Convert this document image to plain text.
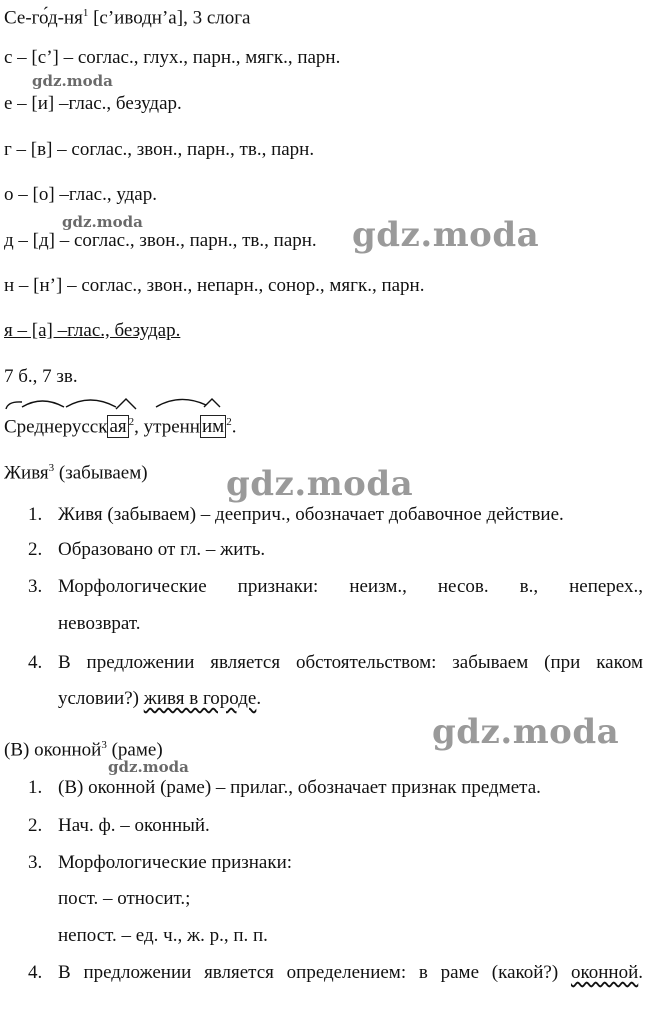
$Се-го́д-ня^1$ [с’иводн’а], 3 слога
с – [с’] – соглас., глух., парн., мягк., парн.
е – [и] –глас., безудар.
г – [в] – соглас., звон., парн., тв., парн.
о – [о] –глас., удар.
д – [д] – соглас., звон., парн., тв., парн.
н – [н’] – соглас., звон., непарн., сонор., мягк., парн.
я – [а] –глас., безудар.
7 б., 7 зв.
Среднерусск ая $^2$, утренн им $^2$.
Живя$^3$ (забываем)
1. Живя (забываем) – дееприч., обозначает добавочное действие.
2. Образовано от гл. – жить.
3. Морфологические признаки: неизм., несов. в., неперех.,
невозврат.
4. В предложении является обстоятельством: забываем (при каком
условии?) живя в городе.
(В) оконной$^3$ (раме)
1. (В) оконной (раме) – прилаг., обозначает признак предмета.
2. Нач. ф. – оконный.
3. Морфологические признаки:
пост. – относит.;
непост. – ед. ч., ж. р., п. п.
4. В предложении является определением: в раме (какой?) оконной.
gdz.moda
gdz.moda	gdz.moda
gdz.moda
gdz.moda
gdz.moda
